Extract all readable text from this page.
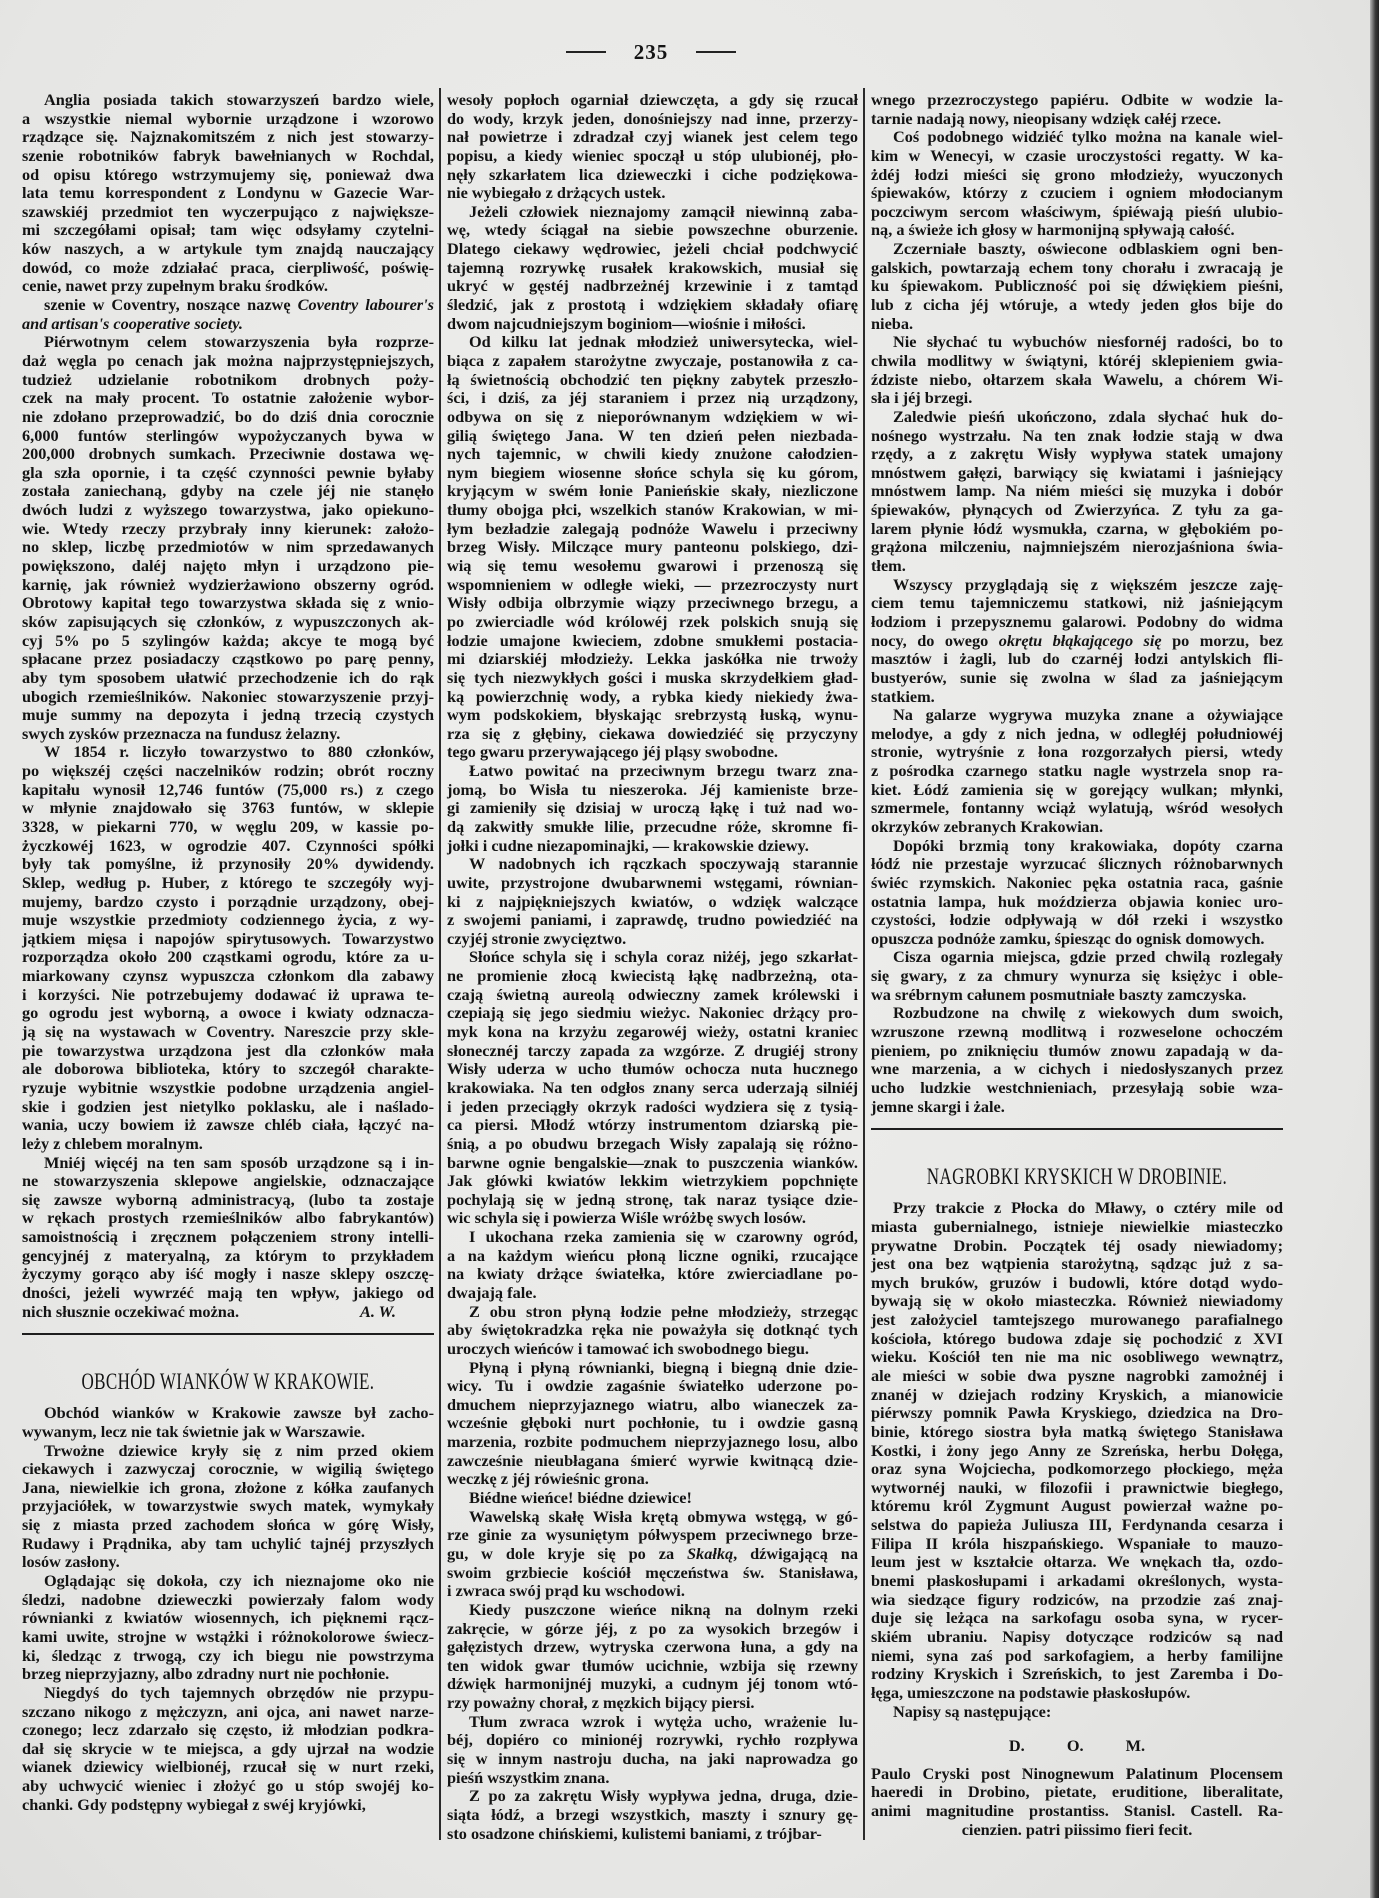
235
Anglia posiada takich stowarzyszeń bardzo wiele,
a wszystkie niemal wybornie urządzone i wzorowo
rządzące się. Najznakomitszém z nich jest stowarzy-
szenie robotników fabryk bawełnianych w Rochdal,
od opisu którego wstrzymujemy się, ponieważ dwa
lata temu korrespondent z Londynu w Gazecie War-
szawskiéj przedmiot ten wyczerpująco z największe-
mi szczegółami opisał; tam więc odsyłamy czytelni-
ków naszych, a w artykule tym znajdą nauczający
dowód, co może zdziałać praca, cierpliwość, poświę-
cenie, nawet przy zupełnym braku środków.
szenie w Coventry, noszące nazwę Coventry labourer's
and artisan's cooperative society.
Piérwotnym celem stowarzyszenia była rozprze-
daż węgla po cenach jak można najprzystępniejszych,
tudzież udzielanie robotnikom drobnych poży-
czek na mały procent. To ostatnie założenie wybor-
nie zdołano przeprowadzić, bo do dziś dnia corocznie
6,000 funtów sterlingów wypożyczanych bywa w
200,000 drobnych sumkach. Przeciwnie dostawa wę-
gla szła opornie, i ta część czynności pewnie byłaby
została zaniechaną, gdyby na czele jéj nie stanęło
dwóch ludzi z wyższego towarzystwa, jako opiekuno-
wie. Wtedy rzeczy przybrały inny kierunek: założo-
no sklep, liczbę przedmiotów w nim sprzedawanych
powiększono, daléj najęto młyn i urządzono pie-
karnię, jak również wydzierżawiono obszerny ogród.
Obrotowy kapitał tego towarzystwa składa się z wnio-
sków zapisujących się członków, z wypuszczonych ak-
cyj 5% po 5 szylingów każda; akcye te mogą być
spłacane przez posiadaczy cząstkowo po parę penny,
aby tym sposobem ułatwić przechodzenie ich do rąk
ubogich rzemieślników. Nakoniec stowarzyszenie przyj-
muje summy na depozyta i jedną trzecią czystych
swych zysków przeznacza na fundusz żelazny.
W 1854 r. liczyło towarzystwo to 880 członków,
po większéj części naczelników rodzin; obrót roczny
kapitału wynosił 12,746 funtów (75,000 rs.) z czego
w młynie znajdowało się 3763 funtów, w sklepie
3328, w piekarni 770, w węglu 209, w kassie po-
życzkowéj 1623, w ogrodzie 407. Czynności spółki
były tak pomyślne, iż przynosiły 20% dywidendy.
Sklep, według p. Huber, z którego te szczegóły wyj-
mujemy, bardzo czysto i porządnie urządzony, obej-
muje wszystkie przedmioty codziennego życia, z wy-
jątkiem mięsa i napojów spirytusowych. Towarzystwo
rozporządza około 200 cząstkami ogrodu, które za u-
miarkowany czynsz wypuszcza członkom dla zabawy
i korzyści. Nie potrzebujemy dodawać iż uprawa te-
go ogrodu jest wyborną, a owoce i kwiaty odznacza-
ją się na wystawach w Coventry. Nareszcie przy skle-
pie towarzystwa urządzona jest dla członków mała
ale doborowa biblioteka, który to szczegół charakte-
ryzuje wybitnie wszystkie podobne urządzenia angiel-
skie i godzien jest nietylko poklasku, ale i naślado-
wania, uczy bowiem iż zawsze chléb ciała, łączyć na-
leży z chlebem moralnym.
Mniéj więcéj na ten sam sposób urządzone są i in-
ne stowarzyszenia sklepowe angielskie, odznaczające
się zawsze wyborną administracyą, (lubo ta zostaje
w rękach prostych rzemieślników albo fabrykantów)
samoistnością i zręcznem połączeniem strony intelli-
gencyjnéj z materyalną, za którym to przykładem
życzymy gorąco aby iść mogły i nasze sklepy oszczę-
dności, jeżeli wywrzéć mają ten wpływ, jakiego od
nich słusznie oczekiwać można.	A. W.
OBCHÓD WIANKÓW W KRAKOWIE.
Obchód wianków w Krakowie zawsze był zacho-
wywanym, lecz nie tak świetnie jak w Warszawie.
Trwożne dziewice kryły się z nim przed okiem
ciekawych i zazwyczaj corocznie, w wigilią świętego
Jana, niewielkie ich grona, złożone z kółka zaufanych
przyjaciółek, w towarzystwie swych matek, wymykały
się z miasta przed zachodem słońca w górę Wisły,
Rudawy i Prądnika, aby tam uchylić tajnéj przyszłych
losów zasłony.
Oglądając się dokoła, czy ich nieznajome oko nie
śledzi, nadobne dzieweczki powierzały falom wody
równianki z kwiatów wiosennych, ich pięknemi rącz-
kami uwite, strojne w wstążki i różnokolorowe świecz-
ki, śledząc z trwogą, czy ich biegu nie powstrzyma
brzeg nieprzyjazny, albo zdradny nurt nie pochłonie.
Niegdyś do tych tajemnych obrzędów nie przypu-
szczano nikogo z mężczyzn, ani ojca, ani nawet narze-
czonego; lecz zdarzało się często, iż młodzian podkra-
dał się skrycie w te miejsca, a gdy ujrzał na wodzie
wianek dziewicy wielbionéj, rzucał się w nurt rzeki,
aby uchwycić wieniec i złożyć go u stóp swojéj ko-
chanki. Gdy podstępny wybiegał z swéj kryjówki,
wesoły popłoch ogarniał dziewczęta, a gdy się rzucał
do wody, krzyk jeden, donośniejszy nad inne, przerzy-
nał powietrze i zdradzał czyj wianek jest celem tego
popisu, a kiedy wieniec spoczął u stóp ulubionéj, pło-
nęły szkarłatem lica dzieweczki i ciche podziękowa-
nie wybiegało z drżących ustek.
Jeżeli człowiek nieznajomy zamącił niewinną zaba-
wę, wtedy ściągał na siebie powszechne oburzenie.
Dlatego ciekawy wędrowiec, jeżeli chciał podchwycić
tajemną rozrywkę rusałek krakowskich, musiał się
ukryć w gęstéj nadbrzeżnéj krzewinie i z tamtąd
śledzić, jak z prostotą i wdziękiem składały ofiarę
dwom najcudniejszym boginiom—wiośnie i miłości.
Od kilku lat jednak młodzież uniwersytecka, wiel-
biąca z zapałem starożytne zwyczaje, postanowiła z ca-
łą świetnością obchodzić ten piękny zabytek przeszło-
ści, i dziś, za jéj staraniem i przez nią urządzony,
odbywa on się z nieporównanym wdziękiem w wi-
gilią świętego Jana. W ten dzień pełen niezbada-
nych tajemnic, w chwili kiedy znużone całodzien-
nym biegiem wiosenne słońce schyla się ku górom,
kryjącym w swém łonie Panieńskie skały, niezliczone
tłumy obojga płci, wszelkich stanów Krakowian, w mi-
łym bezładzie zalegają podnóże Wawelu i przeciwny
brzeg Wisły. Milczące mury panteonu polskiego, dzi-
wią się temu wesołemu gwarowi i przenoszą się
wspomnieniem w odległe wieki, — przezroczysty nurt
Wisły odbija olbrzymie wiązy przeciwnego brzegu, a
po zwierciadle wód królowéj rzek polskich snują się
łodzie umajone kwieciem, zdobne smukłemi postacia-
mi dziarskiéj młodzieży. Lekka jaskółka nie trwoży
się tych niezwykłych gości i muska skrzydełkiem gład-
ką powierzchnię wody, a rybka kiedy niekiedy żwa-
wym podskokiem, błyskając srebrzystą łuską, wynu-
rza się z głębiny, ciekawa dowiedziéć się przyczyny
tego gwaru przerywającego jéj pląsy swobodne.
Łatwo powitać na przeciwnym brzegu twarz zna-
jomą, bo Wisła tu nieszeroka. Jéj kamieniste brze-
gi zamieniły się dzisiaj w uroczą łąkę i tuż nad wo-
dą zakwitły smukłe lilie, przecudne róże, skromne fi-
jołki i cudne niezapominajki, — krakowskie dziewy.
W nadobnych ich rączkach spoczywają starannie
uwite, przystrojone dwubarwnemi wstęgami, równian-
ki z najpiękniejszych kwiatów, o wdzięk walczące
z swojemi paniami, i zaprawdę, trudno powiedziéć na
czyjéj stronie zwycięztwo.
Słońce schyla się i schyla coraz niżéj, jego szkarłat-
ne promienie złocą kwiecistą łąkę nadbrzeżną, ota-
czają świetną aureolą odwieczny zamek królewski i
czepiają się jego siedmiu wieżyc. Nakoniec drżący pro-
myk kona na krzyżu zegarowéj wieży, ostatni kraniec
słonecznéj tarczy zapada za wzgórze. Z drugiéj strony
Wisły uderza w ucho tłumów ochocza nuta hucznego
krakowiaka. Na ten odgłos znany serca uderzają silniéj
i jeden przeciągły okrzyk radości wydziera się z tysią-
ca piersi. Młodź wtórzy instrumentom dziarską pie-
śnią, a po obudwu brzegach Wisły zapalają się różno-
barwne ognie bengalskie—znak to puszczenia wianków.
Jak główki kwiatów lekkim wietrzykiem popchnięte
pochylają się w jedną stronę, tak naraz tysiące dzie-
wic schyla się i powierza Wiśle wróżbę swych losów.
I ukochana rzeka zamienia się w czarowny ogród,
a na każdym wieńcu płoną liczne ogniki, rzucające
na kwiaty drżące światełka, które zwierciadlane po-
dwajają fale.
Z obu stron płyną łodzie pełne młodzieży, strzegąc
aby świętokradzka ręka nie poważyła się dotknąć tych
uroczych wieńców i tamować ich swobodnego biegu.
Płyną i płyną równianki, biegną i biegną dnie dzie-
wicy. Tu i owdzie zagaśnie światełko uderzone po-
dmuchem nieprzyjaznego wiatru, albo wianeczek za-
wcześnie głęboki nurt pochłonie, tu i owdzie gasną
marzenia, rozbite podmuchem nieprzyjaznego losu, albo
zawcześnie nieubłagana śmierć wyrwie kwitnącą dzie-
weczkę z jéj rówieśnic grona.
Biédne wieńce! biédne dziewice!
Wawelską skałę Wisła krętą obmywa wstęgą, w gó-
rze ginie za wysuniętym półwyspem przeciwnego brze-
gu, w dole kryje się po za Skałką, dźwigającą na
swoim grzbiecie kościół męczeństwa św. Stanisława,
i zwraca swój prąd ku wschodowi.
Kiedy puszczone wieńce nikną na dolnym rzeki
zakręcie, w górze jéj, z po za wysokich brzegów i
gałęzistych drzew, wytryska czerwona łuna, a gdy na
ten widok gwar tłumów ucichnie, wzbija się rzewny
dźwięk harmonijnéj muzyki, a cudnym jéj tonom wtó-
rzy poważny chorał, z męzkich bijący piersi.
Tłum zwraca wzrok i wytęża ucho, wrażenie lu-
béj, dopiéro co minionéj rozrywki, rychło rozpływa
się w innym nastroju ducha, na jaki naprowadza go
pieśń wszystkim znana.
Z po za zakrętu Wisły wypływa jedna, druga, dzie-
siąta łódź, a brzegi wszystkich, maszty i sznury gę-
sto osadzone chińskiemi, kulistemi baniami, z trójbar-
wnego przezroczystego papiéru. Odbite w wodzie la-
tarnie nadają nowy, nieopisany wdzięk całéj rzece.
Coś podobnego widziéć tylko można na kanale wiel-
kim w Wenecyi, w czasie uroczystości regatty. W ka-
żdéj łodzi mieści się grono młodzieży, wyuczonych
śpiewaków, którzy z czuciem i ogniem młodocianym
poczciwym sercom właściwym, śpiéwają pieśń ulubio-
ną, a świeże ich głosy w harmonijną spływają całość.
Zczerniałe baszty, oświecone odblaskiem ogni ben-
galskich, powtarzają echem tony chorału i zwracają je
ku śpiewakom. Publiczność poi się dźwiękiem pieśni,
lub z cicha jéj wtóruje, a wtedy jeden głos bije do
nieba.
Nie słychać tu wybuchów niesfornéj radości, bo to
chwila modlitwy w świątyni, któréj sklepieniem gwia-
ździste niebo, ołtarzem skała Wawelu, a chórem Wi-
sła i jéj brzegi.
Zaledwie pieśń ukończono, zdala słychać huk do-
nośnego wystrzału. Na ten znak łodzie stają w dwa
rzędy, a z zakrętu Wisły wypływa statek umajony
mnóstwem gałęzi, barwiący się kwiatami i jaśniejący
mnóstwem lamp. Na niém mieści się muzyka i dobór
śpiewaków, płynących od Zwierzyńca. Z tyłu za ga-
larem płynie łódź wysmukła, czarna, w głębokiém po-
grążona milczeniu, najmniejszém nierozjaśniona świa-
tłem.
Wszyscy przyglądają się z większém jeszcze zaję-
ciem temu tajemniczemu statkowi, niż jaśniejącym
łodziom i przepysznemu galarowi. Podobny do widma
nocy, do owego okrętu błąkającego się po morzu, bez
masztów i żagli, lub do czarnéj łodzi antylskich fli-
bustyerów, sunie się zwolna w ślad za jaśniejącym
statkiem.
Na galarze wygrywa muzyka znane a ożywiające
melodye, a gdy z nich jedna, w odległéj południowéj
stronie, wytryśnie z łona rozgorzałych piersi, wtedy
z pośrodka czarnego statku nagle wystrzela snop ra-
kiet. Łódź zamienia się w gorejący wulkan; młynki,
szmermele, fontanny wciąż wylatują, wśród wesołych
okrzyków zebranych Krakowian.
Dopóki brzmią tony krakowiaka, dopóty czarna
łódź nie przestaje wyrzucać ślicznych różnobarwnych
świéc rzymskich. Nakoniec pęka ostatnia raca, gaśnie
ostatnia lampa, huk moździerza objawia koniec uro-
czystości, łodzie odpływają w dół rzeki i wszystko
opuszcza podnóże zamku, śpiesząc do ognisk domowych.
Cisza ogarnia miejsca, gdzie przed chwilą rozlegały
się gwary, z za chmury wynurza się księżyc i oble-
wa srébrnym całunem posmutniałe baszty zamczyska.
Rozbudzone na chwilę z wiekowych dum swoich,
wzruszone rzewną modlitwą i rozweselone ochoczém
pieniem, po zniknięciu tłumów znowu zapadają w da-
wne marzenia, a w cichych i niedosłyszanych przez
ucho ludzkie westchnieniach, przesyłają sobie wza-
jemne skargi i żale.
NAGROBKI KRYSKICH W DROBINIE.
Przy trakcie z Płocka do Mławy, o cztéry mile od
miasta gubernialnego, istnieje niewielkie miasteczko
prywatne Drobin. Początek téj osady niewiadomy;
jest ona bez wątpienia starożytną, sądząc już z sa-
mych bruków, gruzów i budowli, które dotąd wydo-
bywają się w około miasteczka. Również niewiadomy
jest założyciel tamtejszego murowanego parafialnego
kościoła, którego budowa zdaje się pochodzić z XVI
wieku. Kościół ten nie ma nic osobliwego wewnątrz,
ale mieści w sobie dwa pyszne nagrobki zamożnéj i
znanéj w dziejach rodziny Kryskich, a mianowicie
piérwszy pomnik Pawła Kryskiego, dziedzica na Dro-
binie, którego siostra była matką świętego Stanisława
Kostki, i żony jego Anny ze Szreńska, herbu Dołęga,
oraz syna Wojciecha, podkomorzego płockiego, męża
wytwornéj nauki, w filozofii i prawnictwie biegłego,
któremu król Zygmunt August powierzał ważne po-
selstwa do papieża Juliusza III, Ferdynanda cesarza i
Filipa II króla hiszpańskiego. Wspaniałe to mauzo-
leum jest w kształcie ołtarza. We wnękach tła, ozdo-
bnemi płaskosłupami i arkadami określonych, wysta-
wia siedzące figury rodziców, na przodzie zaś znaj-
duje się leżąca na sarkofagu osoba syna, w rycer-
skiém ubraniu. Napisy dotyczące rodziców są nad
niemi, syna zaś pod sarkofagiem, a herby familijne
rodziny Kryskich i Szreńskich, to jest Zaremba i Do-
łęga, umieszczone na podstawie płaskosłupów.
Napisy są następujące:
D. O. M.
Paulo Cryski post Ninognewum Palatinum Plocensem
haeredi in Drobino, pietate, eruditione, liberalitate,
animi magnitudine prostantiss. Stanisl. Castell. Ra-
cienzien. patri piissimo fieri fecit.
